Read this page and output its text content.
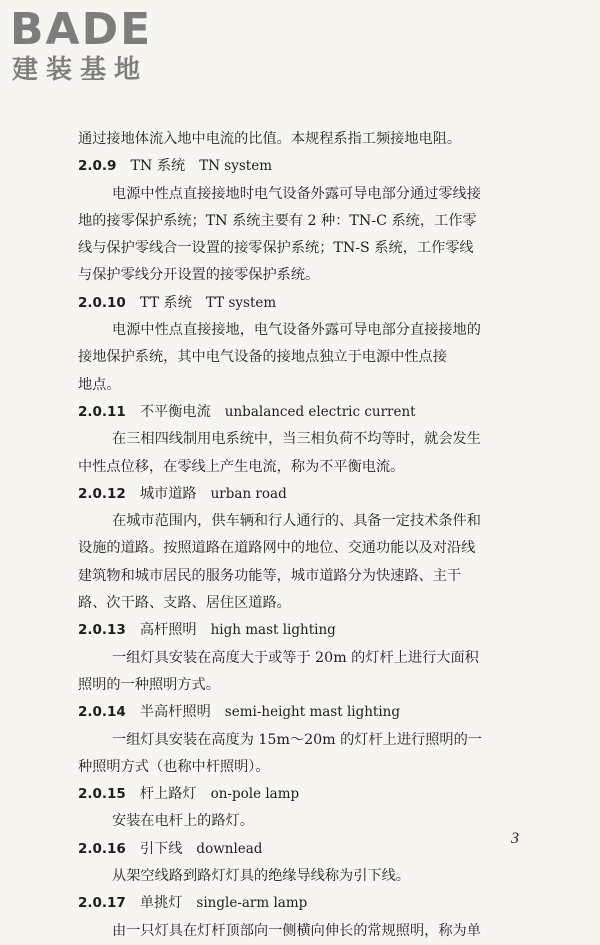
BADE
建装基地
通过接地体流入地中电流的比值。本规程系指工频接地电阻。
2.0.9 TN 系统 TN system
电源中性点直接接地时电气设备外露可导电部分通过零线接
地的接零保护系统；TN 系统主要有 2 种：TN-C 系统，工作零
线与保护零线合一设置的接零保护系统；TN-S 系统，工作零线
与保护零线分开设置的接零保护系统。
2.0.10 TT 系统 TT system
电源中性点直接接地，电气设备外露可导电部分直接接地的
接地保护系统，其中电气设备的接地点独立于电源中性点接
地点。
2.0.11 不平衡电流 unbalanced electric current
在三相四线制用电系统中，当三相负荷不均等时，就会发生
中性点位移，在零线上产生电流，称为不平衡电流。
2.0.12 城市道路 urban road
在城市范围内，供车辆和行人通行的、具备一定技术条件和
设施的道路。按照道路在道路网中的地位、交通功能以及对沿线
建筑物和城市居民的服务功能等，城市道路分为快速路、主干
路、次干路、支路、居住区道路。
2.0.13 高杆照明 high mast lighting
一组灯具安装在高度大于或等于 20m 的灯杆上进行大面积
照明的一种照明方式。
2.0.14 半高杆照明 semi-height mast lighting
一组灯具安装在高度为 15m～20m 的灯杆上进行照明的一
种照明方式（也称中杆照明）。
2.0.15 杆上路灯 on-pole lamp
安装在电杆上的路灯。
2.0.16 引下线 downlead
从架空线路到路灯灯具的绝缘导线称为引下线。
2.0.17 单挑灯 single-arm lamp
由一只灯具在灯杆顶部向一侧横向伸长的常规照明，称为单
3
